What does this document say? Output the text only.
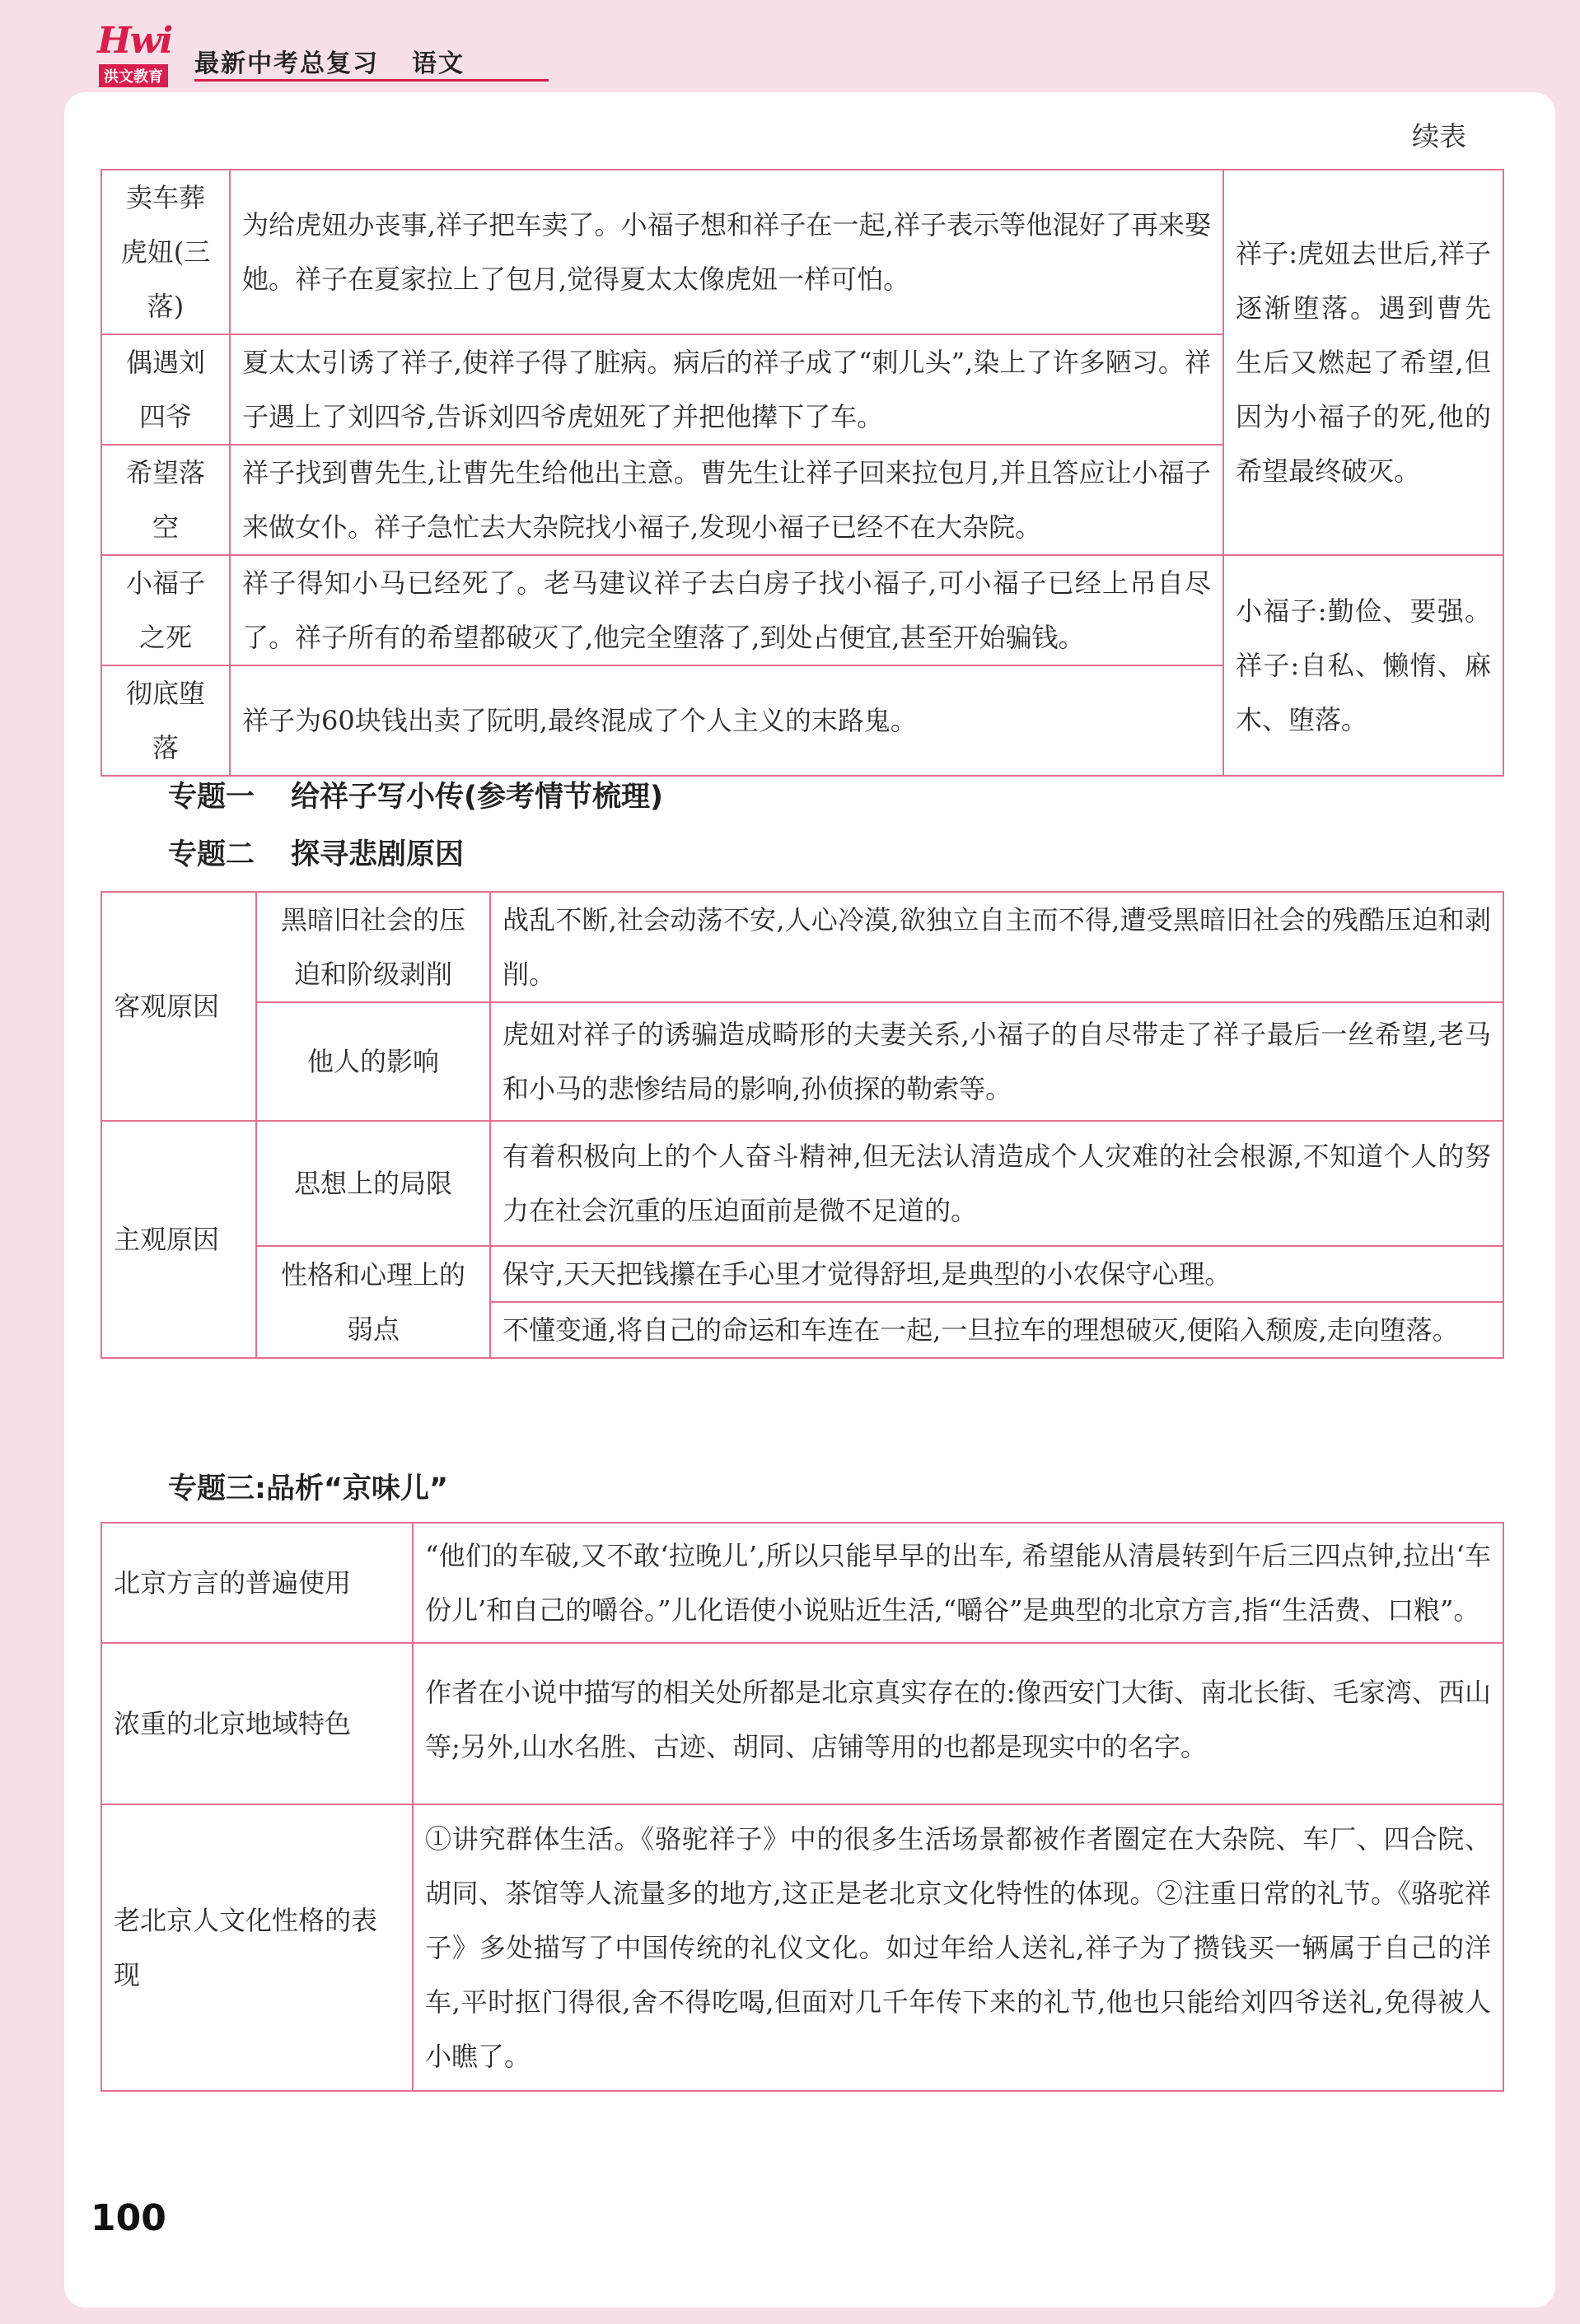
Hwi
洪文教育 最新中考总复习 语文
续表
卖车葬虎妞(三落)	为给虎妞办丧事,祥子把车卖了。小福子想和祥子在一起,祥子表示等他混好了再来娶她。祥子在夏家拉上了包月,觉得夏太太像虎妞一样可怕。	祥子:虎妞去世后,祥子逐渐堕落。遇到曹先生后又燃起了希望,但因为小福子的死,他的希望最终破灭。
偶遇刘四爷	夏太太引诱了祥子,使祥子得了脏病。病后的祥子成了“刺儿头”,染上了许多陋习。祥子遇上了刘四爷,告诉刘四爷虎妞死了并把他撵下了车。	
希望落空	祥子找到曹先生,让曹先生给他出主意。曹先生让祥子回来拉包月,并且答应让小福子来做女仆。祥子急忙去大杂院找小福子,发现小福子已经不在大杂院。	
小福子之死	祥子得知小马已经死了。老马建议祥子去白房子找小福子,可小福子已经上吊自尽了。祥子所有的希望都破灭了,他完全堕落了,到处占便宜,甚至开始骗钱。	小福子:勤俭、要强。祥子:自私、懒惰、麻木、堕落。
彻底堕落	祥子为60块钱出卖了阮明,最终混成了个人主义的末路鬼。	
专题一 给祥子写小传(参考情节梳理)
专题二 探寻悲剧原因
客观原因	黑暗旧社会的压迫和阶级剥削	战乱不断,社会动荡不安,人心冷漠,欲独立自主而不得,遭受黑暗旧社会的残酷压迫和剥削。
	他人的影响	虎妞对祥子的诱骗造成畸形的夫妻关系,小福子的自尽带走了祥子最后一丝希望,老马和小马的悲惨结局的影响,孙侦探的勒索等。
主观原因	思想上的局限	有着积极向上的个人奋斗精神,但无法认清造成个人灾难的社会根源,不知道个人的努力在社会沉重的压迫面前是微不足道的。
	性格和心理上的弱点	保守,天天把钱攥在手心里才觉得舒坦,是典型的小农保守心理。
		不懂变通,将自己的命运和车连在一起,一旦拉车的理想破灭,便陷入颓废,走向堕落。
专题三:品析“京味儿”
北京方言的普遍使用	“他们的车破,又不敢‘拉晚儿’,所以只能早早的出车, 希望能从清晨转到午后三四点钟,拉出‘车份儿’和自己的嚼谷。”儿化语使小说贴近生活,“嚼谷”是典型的北京方言,指“生活费、口粮”。
浓重的北京地域特色	作者在小说中描写的相关处所都是北京真实存在的:像西安门大街、南北长街、毛家湾、西山等;另外,山水名胜、古迹、胡同、店铺等用的也都是现实中的名字。
老北京人文化性格的表现	①讲究群体生活。《骆驼祥子》中的很多生活场景都被作者圈定在大杂院、车厂、四合院、胡同、茶馆等人流量多的地方,这正是老北京文化特性的体现。②注重日常的礼节。《骆驼祥子》多处描写了中国传统的礼仪文化。如过年给人送礼,祥子为了攒钱买一辆属于自己的洋车,平时抠门得很,舍不得吃喝,但面对几千年传下来的礼节,他也只能给刘四爷送礼,免得被人小瞧了。
100
